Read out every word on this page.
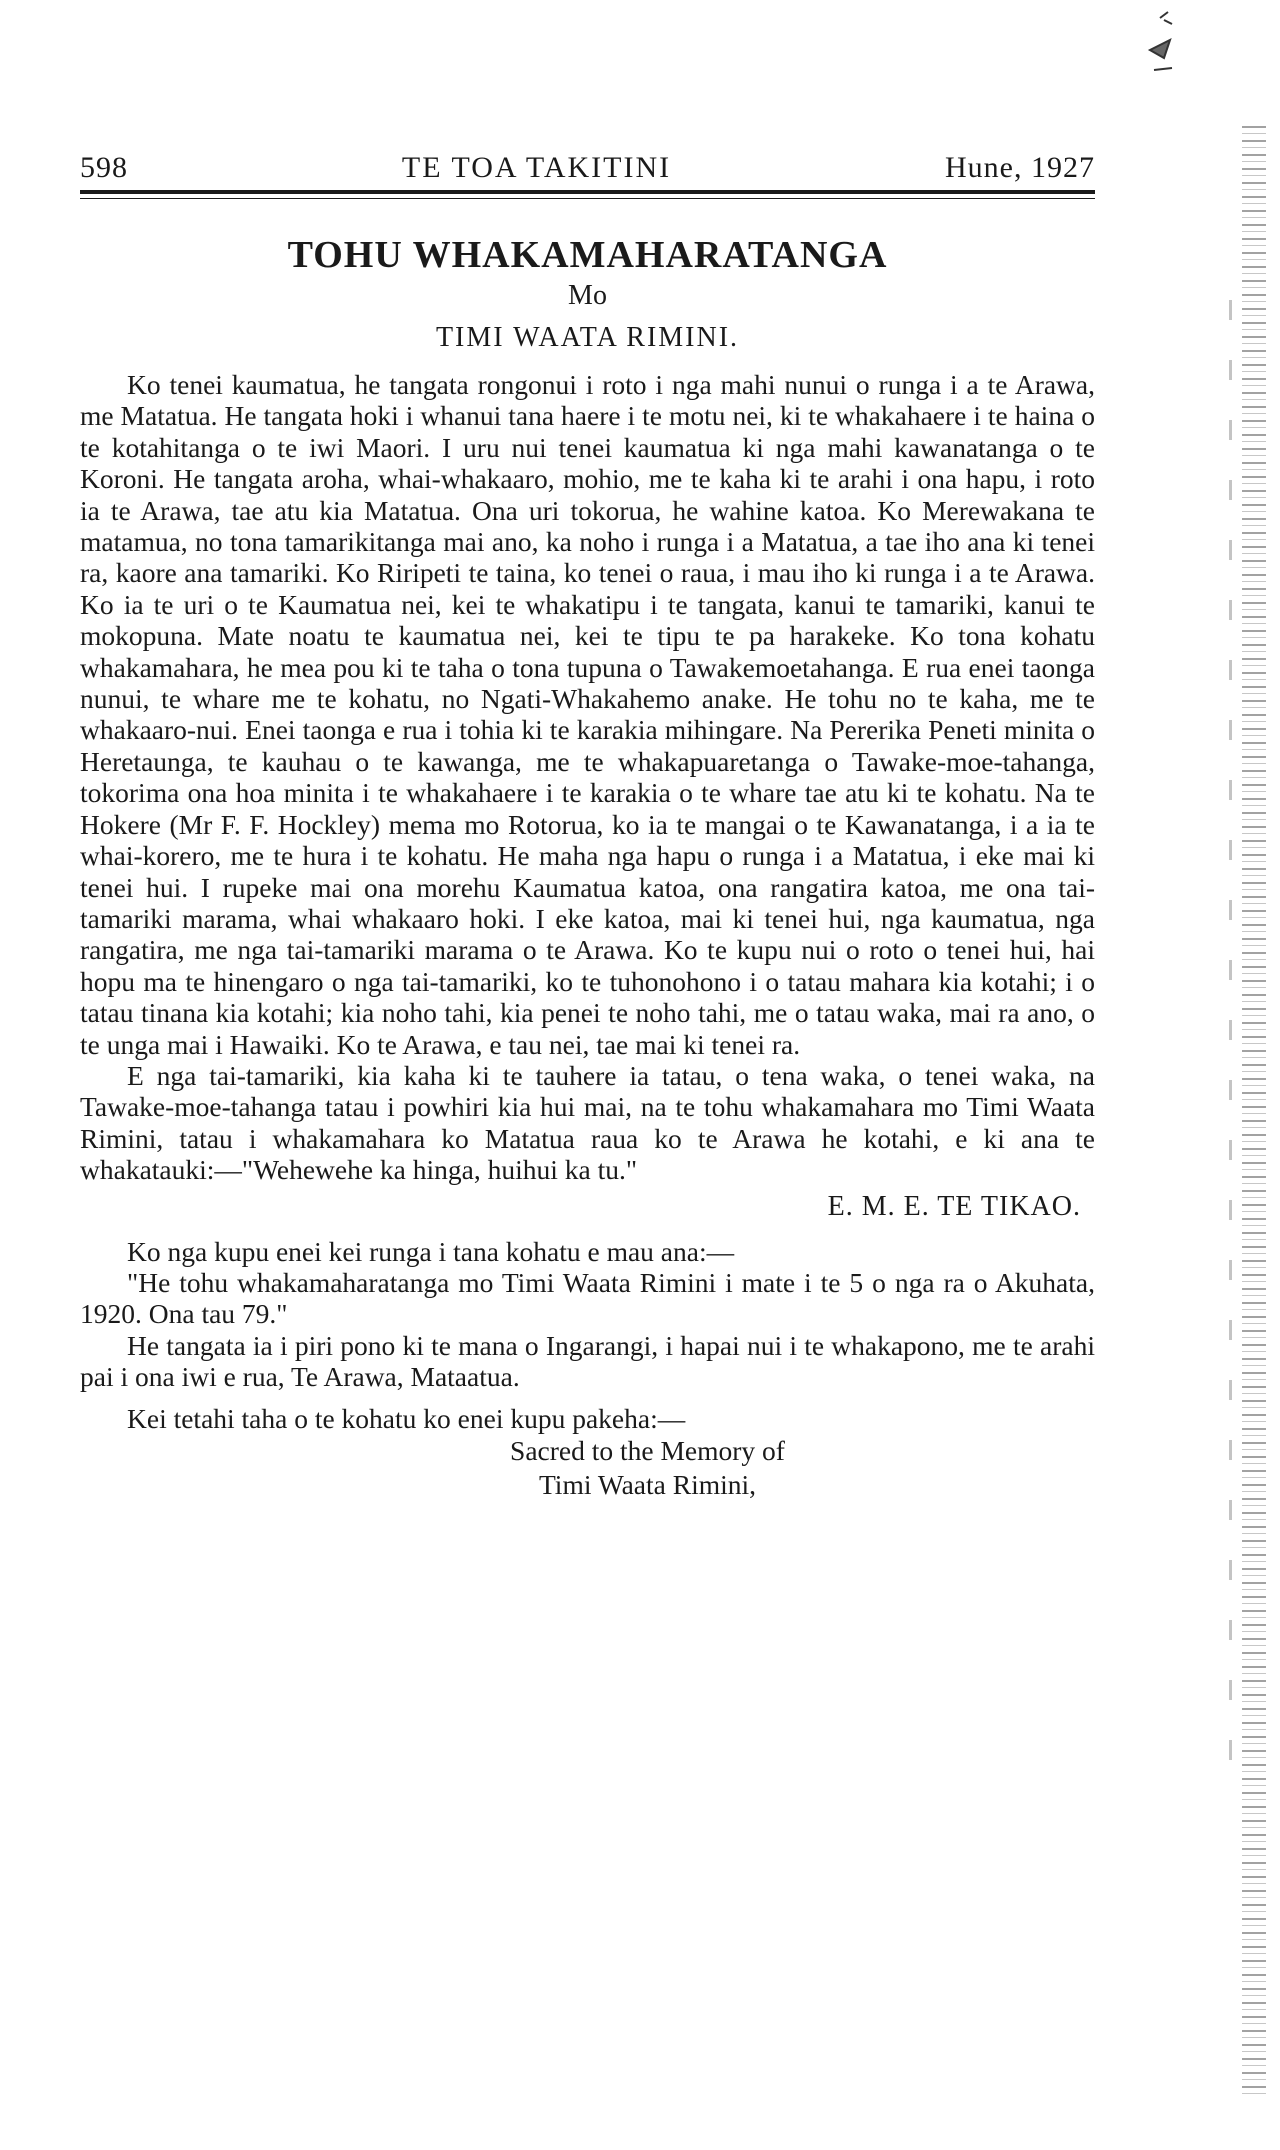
598	TE TOA TAKITINI	Hune, 1927
TOHU WHAKAMAHARATANGA
Mo
TIMI WAATA RIMINI.

Ko tenei kaumatua, he tangata rongonui i roto i nga mahi nunui o runga i a te Arawa, me Matatua. He tangata hoki i whanui tana haere i te motu nei, ki te whakahaere i te haina o te kotahitanga o te iwi Maori. I uru nui tenei kaumatua ki nga mahi kawanatanga o te Koroni. He tangata aroha, whai-whakaaro, mohio, me te kaha ki te arahi i ona hapu, i roto ia te Arawa, tae atu kia Matatua. Ona uri tokorua, he wahine katoa. Ko Merewakana te matamua, no tona tamarikitanga mai ano, ka noho i runga i a Matatua, a tae iho ana ki tenei ra, kaore ana tamariki. Ko Riripeti te taina, ko tenei o raua, i mau iho ki runga i a te Arawa. Ko ia te uri o te Kaumatua nei, kei te whakatipu i te tangata, kanui te tamariki, kanui te mokopuna. Mate noatu te kaumatua nei, kei te tipu te pa harakeke. Ko tona kohatu whakamahara, he mea pou ki te taha o tona tupuna o Tawakemoetahanga. E rua enei taonga nunui, te whare me te kohatu, no Ngati-Whakahemo anake. He tohu no te kaha, me te whakaaro-nui. Enei taonga e rua i tohia ki te karakia mihingare. Na Pererika Peneti minita o Heretaunga, te kauhau o te kawanga, me te whakapuaretanga o Tawake-moe-tahanga, tokorima ona hoa minita i te whakahaere i te karakia o te whare tae atu ki te kohatu. Na te Hokere (Mr F. F. Hockley) mema mo Rotorua, ko ia te mangai o te Kawanatanga, i a ia te whai-korero, me te hura i te kohatu. He maha nga hapu o runga i a Matatua, i eke mai ki tenei hui. I rupeke mai ona morehu Kaumatua katoa, ona rangatira katoa, me ona tai-tamariki marama, whai whakaaro hoki. I eke katoa, mai ki tenei hui, nga kaumatua, nga rangatira, me nga tai-tamariki marama o te Arawa. Ko te kupu nui o roto o tenei hui, hai hopu ma te hinengaro o nga tai-tamariki, ko te tuhonohono i o tatau mahara kia kotahi; i o tatau tinana kia kotahi; kia noho tahi, kia penei te noho tahi, me o tatau waka, mai ra ano, o te unga mai i Hawaiki. Ko te Arawa, e tau nei, tae mai ki tenei ra.

E nga tai-tamariki, kia kaha ki te tauhere ia tatau, o tena waka, o tenei waka, na Tawake-moe-tahanga tatau i powhiri kia hui mai, na te tohu whakamahara mo Timi Waata Rimini, tatau i whakamahara ko Matatua raua ko te Arawa he kotahi, e ki ana te whakatauki:—"Wehewehe ka hinga, huihui ka tu."

E. M. E. TE TIKAO.

Ko nga kupu enei kei runga i tana kohatu e mau ana:—

"He tohu whakamaharatanga mo Timi Waata Rimini i mate i te 5 o nga ra o Akuhata, 1920. Ona tau 79."

He tangata ia i piri pono ki te mana o Ingarangi, i hapai nui i te whakapono, me te arahi pai i ona iwi e rua, Te Arawa, Mataatua.

Kei tetahi taha o te kohatu ko enei kupu pakeha:—

Sacred to the Memory of
Timi Waata Rimini,
